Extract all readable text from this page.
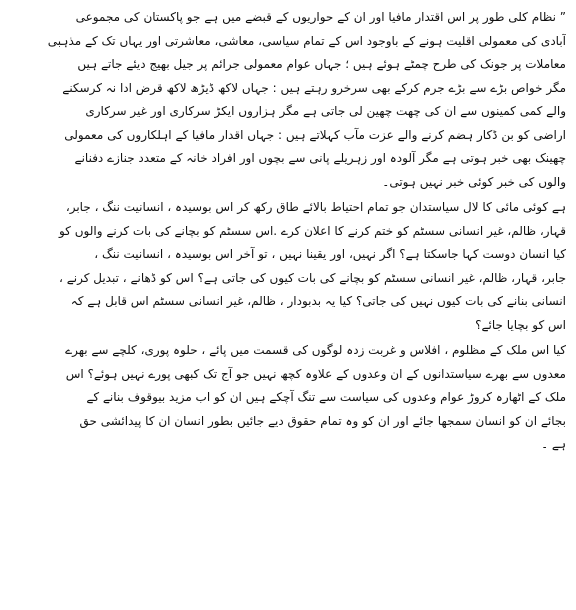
” نظام کلی طور پر اس اقتدار مافیا اور ان کے حواریوں کے قبضے میں ہے جو پاکستان کی مجموعی
آبادی کی معمولی اقلیت ہونے کے باوجود اس کے تمام سیاسی، معاشی، معاشرتی اور یہاں تک کے مذہبی
معاملات پر جونک کی طرح چمٹے ہوئے ہیں ؛ جہاں عوام معمولی جرائم پر جیل بھیج دیئے جاتے ہیں
مگر خواص بڑے سے بڑے جرم کرکے بھی سرخرو رہتے ہیں : جہاں لاکھ ڈیڑھ لاکھ قرض ادا نہ کرسکنے
والے کمی کمینوں سے ان کی چھت چھین لی جاتی ہے مگر ہزاروں ایکڑ سرکاری اور غیر سرکاری
اراضی کو بن ڈکار ہضم کرنے والے عزت مآب کہلاتے ہیں : جہاں اقدار مافیا کے اہلکاروں کی معمولی
چھینک بھی خبر ہوتی ہے مگر آلودہ اور زہریلے پانی سے بچوں اور افراد خانہ کے متعدد جنازے دفنانے
والوں کی خبر کوئی خبر نہیں ہوتی۔
ہے کوئی مائی کا لال سیاستدان جو تمام احتیاط بالائے طاق رکھ کر اس بوسیدہ ، انسانیت ننگ ، جابر،
قہار، ظالم، غیر انسانی سسٹم کو ختم کرنے کا اعلان کرے .اس سسٹم کو بچانے کی بات کرنے والوں کو
کیا انسان دوست کہا جاسکتا ہے؟ اگر نہیں، اور یقینا نہیں ، تو آخر اس بوسیدہ ، انسانیت ننگ ،
جابر، قہار، ظالم، غیر انسانی سسٹم کو بچانے کی بات کیوں کی جاتی ہے؟ اس کو ڈھانے ، تبدیل کرنے ،
انسانی بنانے کی بات کیوں نہیں کی جاتی؟ کیا یہ بدبودار ، ظالم، غیر انسانی سسٹم اس قابل ہے کہ
اس کو بچایا جائے؟
کیا اس ملک کے مظلوم ، افلاس و غربت زدہ لوگوں کی قسمت میں پائے ، حلوہ پوری، کلچے سے بھرے
معدوں سے بھرے سیاستدانوں کے ان وعدوں کے علاوہ کچھ نہیں جو آج تک کبھی پورے نہیں ہوئے؟ اس
ملک کے اٹھارہ کروڑ عوام وعدوں کی سیاست سے تنگ آچکے ہیں ان کو اب مزید بیوقوف بنانے کے
بجائے ان کو انسان سمجھا جائے اور ان کو وہ تمام حقوق دیے جائیں بطور انسان ان کا پیدائشی حق
ہے ۔
